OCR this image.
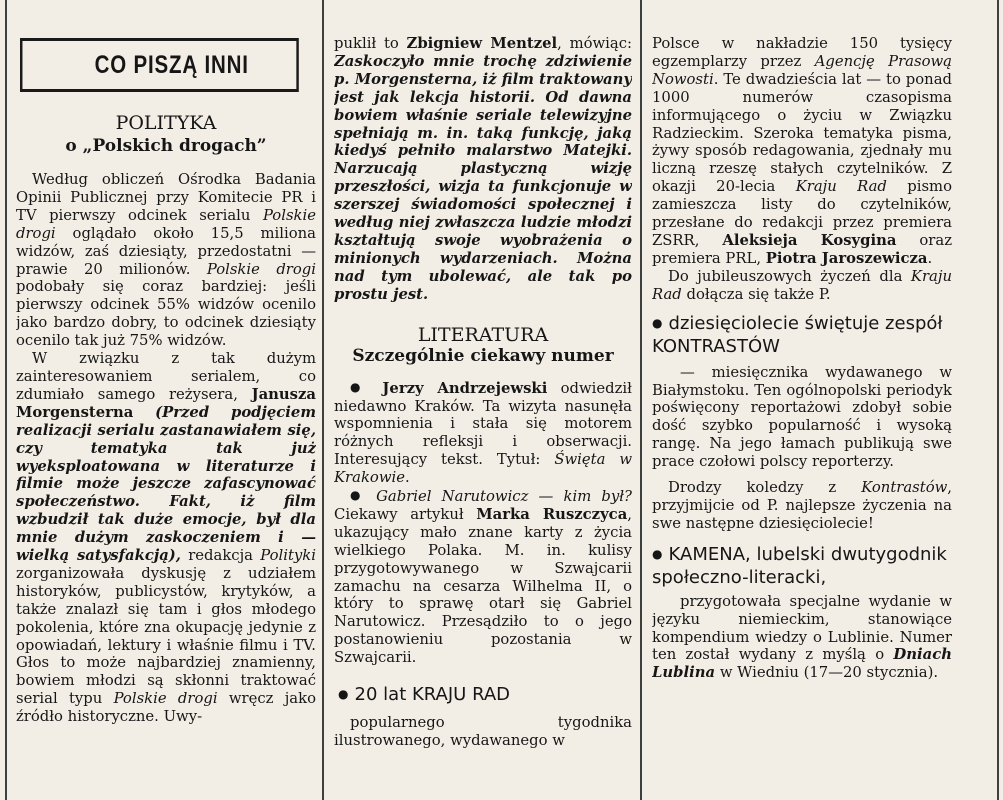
CO PISZĄ INNI
POLITYKA
o „Polskich drogach”

Według obliczeń Ośrodka Badania Opinii Publicznej przy Komitecie PR i TV pierwszy odcinek serialu Polskie drogi oglądało około 15,5 miliona widzów, zaś dziesiąty, przedostatni — prawie 20 milionów. Polskie drogi podobały się coraz bardziej: jeśli pierwszy odcinek 55% widzów ocenilo jako bardzo dobry, to odcinek dziesiąty ocenilo tak już 75% widzów.

W związku z tak dużym zainteresowaniem serialem, co zdumiało samego reżysera, Janusza Morgensterna (Przed podjęciem realizacji serialu zastanawiałem się, czy tematyka tak już wyeksploatowana w literaturze i filmie może jeszcze zafascynować społeczeństwo. Fakt, iż film wzbudził tak duże emocje, był dla mnie dużym zaskoczeniem i — wielką satysfakcją), redakcja Polityki zorganizowała dyskusję z udziałem historyków, publicystów, krytyków, a także znalazł się tam i głos młodego pokolenia, które zna okupację jedynie z opowiadań, lektury i właśnie filmu i TV. Głos to może najbardziej znamienny, bowiem młodzi są skłonni traktować serial typu Polskie drogi wręcz jako źródło historyczne. Uwy-

puklił to Zbigniew Mentzel, mówiąc: Zaskoczyło mnie trochę zdziwienie p. Morgensterna, iż film traktowany jest jak lekcja historii. Od dawna bowiem właśnie seriale telewizyjne spełniają m. in. taką funkcję, jaką kiedyś pełniło malarstwo Matejki. Narzucają plastyczną wizję przeszłości, wizja ta funkcjonuje w szerszej świadomości społecznej i według niej zwłaszcza ludzie młodzi kształtują swoje wyobrażenia o minionych wydarzeniach. Można nad tym ubolewać, ale tak po prostu jest.

LITERATURA
Szczególnie ciekawy numer

● Jerzy Andrzejewski odwiedził niedawno Kraków. Ta wizyta nasunęła wspomnienia i stała się motorem różnych refleksji i obserwacji. Interesujący tekst. Tytuł: Święta w Krakowie.

● Gabriel Narutowicz — kim był? Ciekawy artykuł Marka Ruszczyca, ukazujący mało znane karty z życia wielkiego Polaka. M. in. kulisy przygotowywanego w Szwajcarii zamachu na cesarza Wilhelma II, o który to sprawę otarł się Gabriel Narutowicz. Przesądziło to o jego postanowieniu pozostania w Szwajcarii.

● 20 lat KRAJU RAD

popularnego tygodnika ilustrowanego, wydawanego w

Polsce w nakładzie 150 tysięcy egzemplarzy przez Agencję Prasową Nowosti. Te dwadzieścia lat — to ponad 1000 numerów czasopisma informującego o życiu w Związku Radzieckim. Szeroka tematyka pisma, żywy sposób redagowania, zjednały mu liczną rzeszę stałych czytelników. Z okazji 20-lecia Kraju Rad pismo zamieszcza listy do czytelników, przesłane do redakcji przez premiera ZSRR, Aleksieja Kosygina oraz premiera PRL, Piotra Jaroszewicza.

Do jubileuszowych życzeń dla Kraju Rad dołącza się także P.

● dziesięciolecie świętuje zespół KONTRASTÓW

— miesięcznika wydawanego w Białymstoku. Ten ogólnopolski periodyk poświęcony reportażowi zdobył sobie dość szybko popularność i wysoką rangę. Na jego łamach publikują swe prace czołowi polscy reporterzy.

Drodzy koledzy z Kontrastów, przyjmijcie od P. najlepsze życzenia na swe następne dziesięciolecie!

● KAMENA, lubelski dwutygodnik społeczno-literacki,

przygotowała specjalne wydanie w języku niemieckim, stanowiące kompendium wiedzy o Lublinie. Numer ten został wydany z myślą o Dniach Lublina w Wiedniu (17—20 stycznia).
